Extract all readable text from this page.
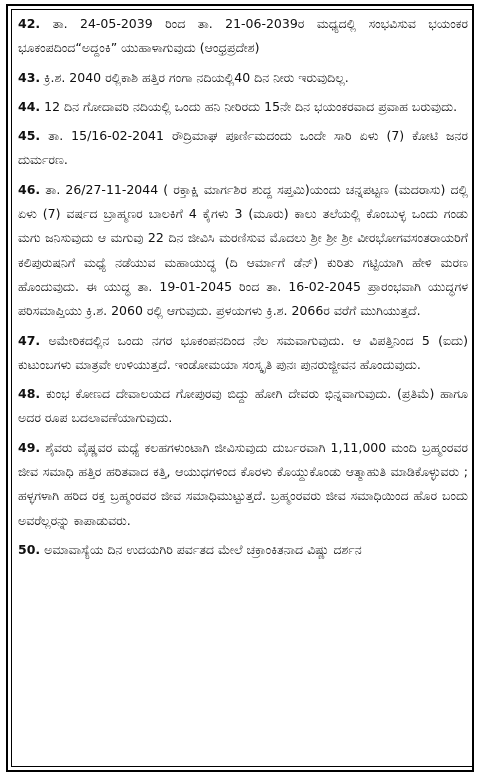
42. ತಾ. 24-05-2039 ರಿಂದ ತಾ. 21-06-2039ರ ಮಧ್ಯದಲ್ಲಿ ಸಂಭವಿಸುವ ಭಯಂಕರ ಭೂಕಂಪದಿಂದ“ಅದ್ದಂಕಿ” ಯುಹಾಳಾಗುವುದು (ಆಂಧ್ರಪ್ರದೇಶ)

43. ಕ್ರಿ.ಶ. 2040 ರಲ್ಲಿಕಾಶಿ ಹತ್ತಿರ ಗಂಗಾ ನದಿಯಲ್ಲಿ40 ದಿನ ನೀರು ಇರುವುದಿಲ್ಲ.

44. 12 ದಿನ ಗೋದಾವರಿ ನದಿಯಲ್ಲಿ ಒಂದು ಹನಿ ನೀರಿರದು 15ನೇ ದಿನ ಭಯಂಕರವಾದ ಪ್ರವಾಹ ಬರುವುದು.

45. ತಾ. 15/16-02-2041 ರೌದ್ರಿಮಾಘ ಪೂರ್ಣಿಮದಂದು ಒಂದೇ ಸಾರಿ ಏಳು (7) ಕೋಟಿ ಜನರ ದುರ್ಮರಣ.

46. ತಾ. 26/27-11-2044 ( ರಕ್ತಾಕ್ಷಿ ಮಾರ್ಗಶಿರ ಶುದ್ದ ಸಪ್ತಮಿ)ಯಂದು ಚನ್ನಪಟ್ಟಣ (ಮದರಾಸು) ದಲ್ಲಿ ಏಳು (7) ವರ್ಷದ ಬ್ರಾಹ್ಮಣರ ಬಾಲಕಿಗೆ 4 ಕೈಗಳು 3 (ಮೂರು) ಕಾಲು ತಲೆಯಲ್ಲಿ ಕೊಂಬುಳ್ಳ ಒಂದು ಗಂಡು ಮಗು ಜನಿಸುವುದು ಆ ಮಗುವು 22 ದಿನ ಜೀವಿಸಿ ಮರಣಿಸುವ ಮೊದಲು ಶ್ರೀ ಶ್ರೀ ಶ್ರೀ ವೀರಭೋಗವಸಂತರಾಯರಿಗೆ ಕಲಿಪುರುಷನಿಗೆ ಮಧ್ಯೆ ನಡೆಯುವ ಮಹಾಯುದ್ಧ (ದಿ ಆರ್ಮಾಗೆ ಡೆನ್) ಕುರಿತು ಗಟ್ಟಿಯಾಗಿ ಹೇಳಿ ಮರಣ ಹೊಂದುವುದು. ಈ ಯುದ್ಧ ತಾ. 19-01-2045 ರಿಂದ ತಾ. 16-02-2045 ಪ್ರಾರಂಭವಾಗಿ ಯುದ್ಧಗಳ ಪರಿಸಮಾಪ್ತಿಯು ಕ್ರಿ.ಶ. 2060 ರಲ್ಲಿ ಆಗುವುದು. ಪ್ರಳಯಗಳು ಕ್ರಿ.ಶ. 2066ರ ವರೆಗೆ ಮುಗಿಯುತ್ತದೆ.

47. ಅಮೇರಿಕದಲ್ಲಿನ ಒಂದು ನಗರ ಭೂಕಂಪನದಿಂದ ನೆಲ ಸಮವಾಗುವುದು. ಆ ವಿಪತ್ತಿನಿಂದ 5 (ಐದು) ಕುಟುಂಬಗಳು ಮಾತ್ರವೇ ಉಳಿಯುತ್ತದೆ. ಇಂಡೋಮಯಾ ಸಂಸ್ಕೃತಿ ಪುನಃ ಪುನರುಜ್ಜೀವನ ಹೊಂದುವುದು.

48. ಕುಂಭ ಕೋಣದ ದೇವಾಲಯದ ಗೋಪುರವು ಬಿದ್ದು ಹೋಗಿ ದೇವರು ಭಿನ್ನವಾಗುವುದು. (ಪ್ರತಿಮೆ) ಹಾಗೂ ಅದರ ರೂಪ ಬದಲಾವಣೆಯಾಗುವುದು.

49. ಶೈವರು ವೈಷ್ಣವರ ಮಧ್ಯೆ ಕಲಹಗಳುಂಟಾಗಿ ಜೀವಿಸುವುದು ದುರ್ಬರವಾಗಿ 1,11,000 ಮಂದಿ ಬ್ರಹ್ಮಂರವರ ಜೀವ ಸಮಾಧಿ ಹತ್ತಿರ ಹರಿತವಾದ ಕತ್ತಿ, ಆಯುಧಗಳಿಂದ ಕೊರಳು ಕೊಯ್ದುಕೊಂಡು ಆತ್ಮಾಹುತಿ ಮಾಡಿಕೊಳ್ಳುವರು ; ಹಳ್ಳಗಳಾಗಿ ಹರಿದ ರಕ್ತ ಬ್ರಹ್ಮಂರವರ ಜೀವ ಸಮಾಧಿಮುಟ್ಟುತ್ತದೆ. ಬ್ರಹ್ಮಂರವರು ಜೀವ ಸಮಾಧಿಯಿಂದ ಹೊರ ಬಂದು ಅವರೆಲ್ಲರನ್ನು ಕಾಪಾಡುವರು.

50. ಅಮಾವಾಸ್ಯೆಯ ದಿನ ಉದಯಗಿರಿ ಪರ್ವತದ ಮೇಲೆ ಚಕ್ರಾಂಕಿತನಾದ ವಿಷ್ಣು ದರ್ಶನ
